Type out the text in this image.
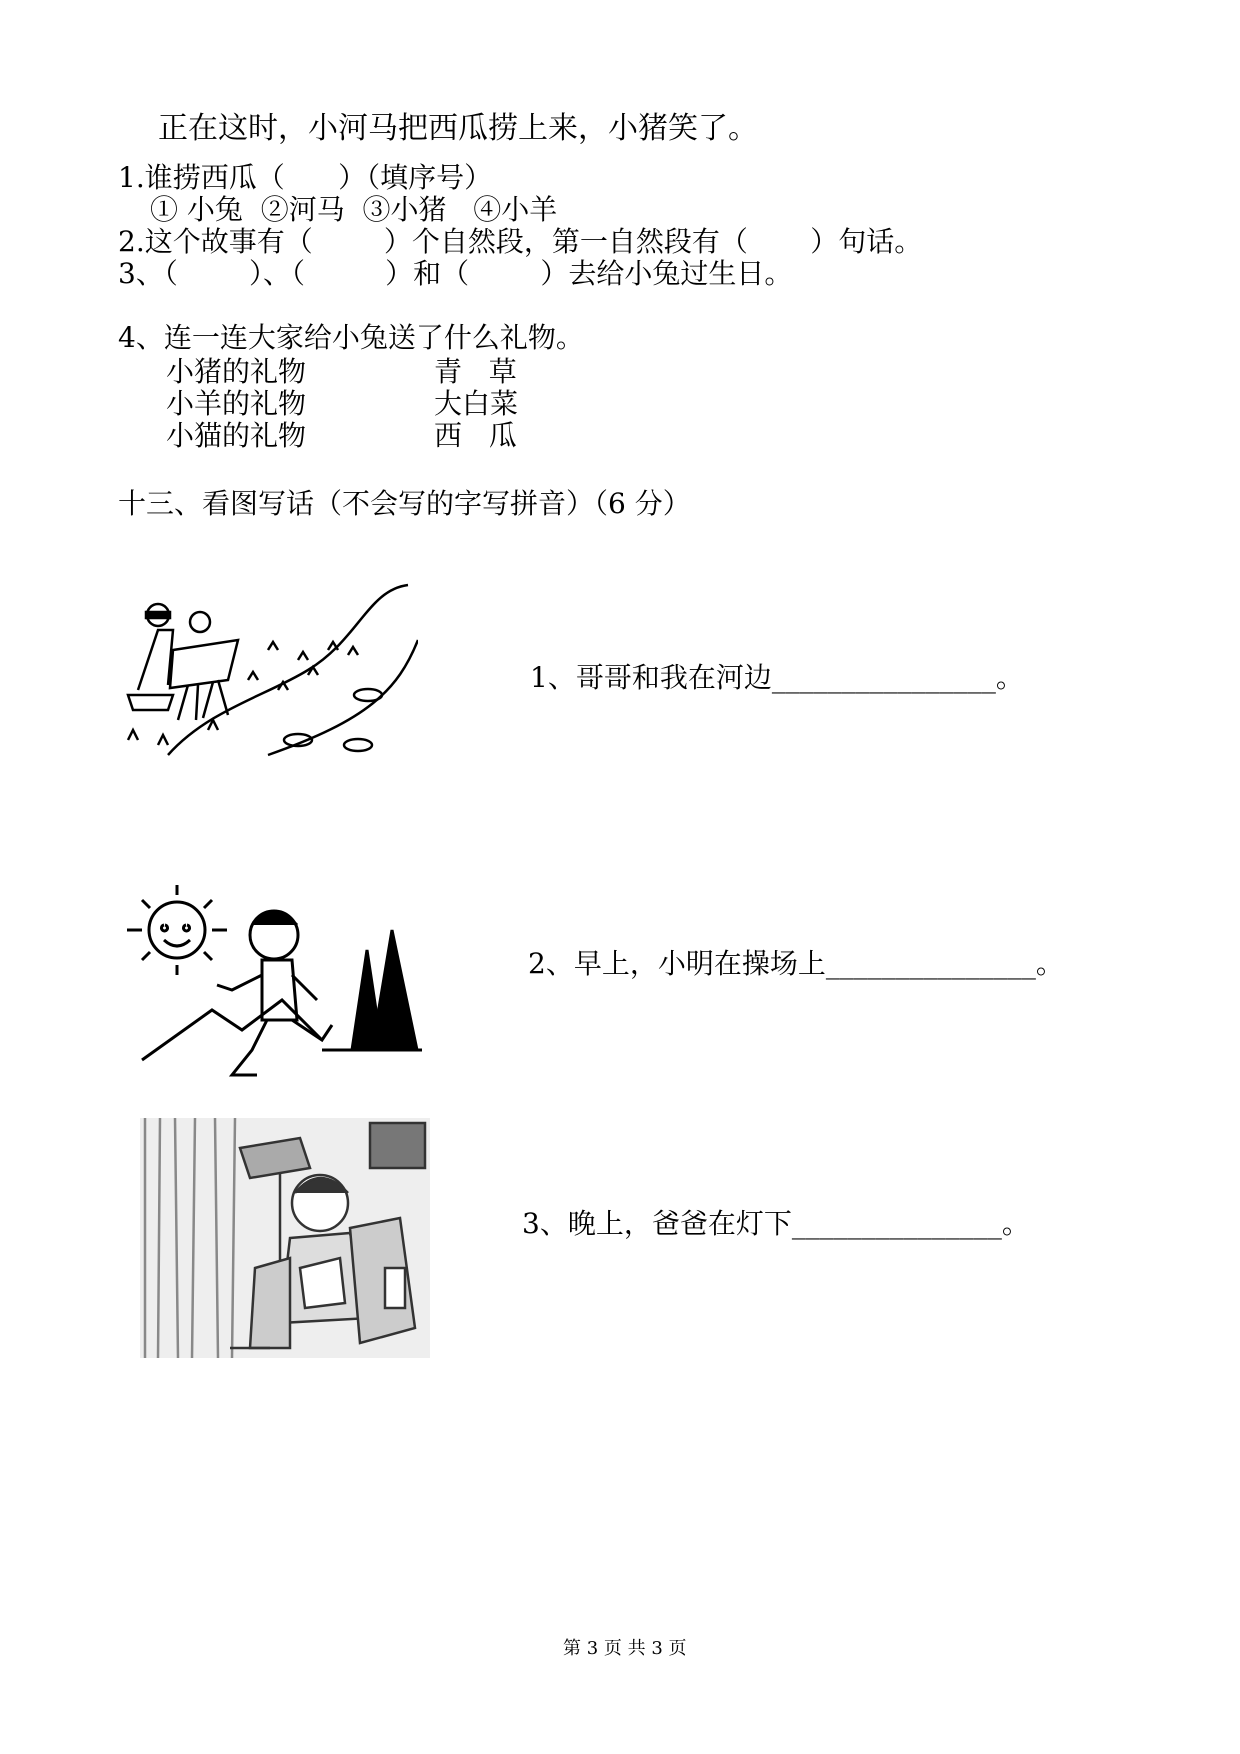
正在这时，小河马把西瓜捞上来，小猪笑了。
1.谁捞西瓜（      ）（填序号）
① 小兔  ②河马  ③小猪   ④小羊
2.这个故事有（        ）个自然段，第一自然段有（       ）句话。
3、（        ）、（         ）和（        ）去给小兔过生日。
4、连一连大家给小兔送了什么礼物。
小猪的礼物	青   草
小羊的礼物	大白菜
小猫的礼物	西   瓜
十三、看图写话（不会写的字写拼音）（6 分）
1、哥哥和我在河边________________。
2、早上，小明在操场上_______________。
3、晚上，爸爸在灯下_______________。
第 3 页 共 3 页
